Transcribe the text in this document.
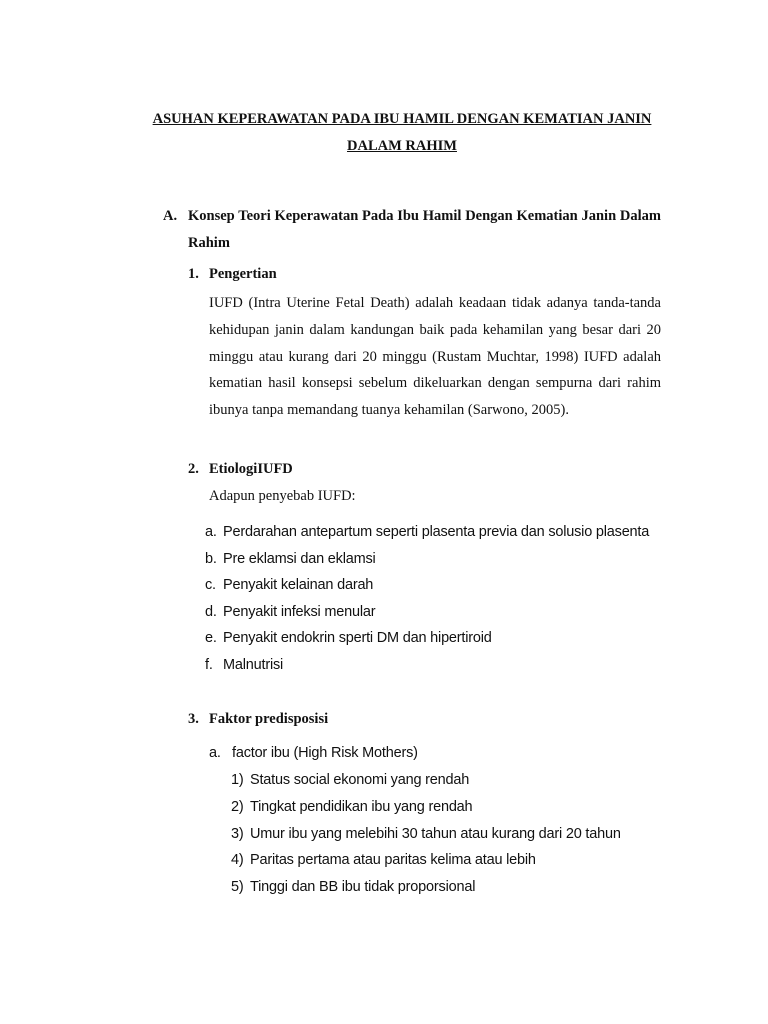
ASUHAN KEPERAWATAN PADA IBU HAMIL DENGAN KEMATIAN JANIN
DALAM RAHIM
A. Konsep Teori Keperawatan Pada Ibu Hamil Dengan Kematian Janin Dalam Rahim
1. Pengertian
IUFD (Intra Uterine Fetal Death) adalah keadaan tidak adanya tanda-tanda kehidupan janin dalam kandungan baik pada kehamilan yang besar dari 20 minggu atau kurang dari 20 minggu (Rustam Muchtar, 1998) IUFD adalah kematian hasil konsepsi sebelum dikeluarkan dengan sempurna dari rahim ibunya tanpa memandang tuanya kehamilan (Sarwono, 2005).
2. EtiologiIUFD
Adapun penyebab IUFD:
a. Perdarahan antepartum seperti plasenta previa dan solusio plasenta
b. Pre eklamsi dan eklamsi
c. Penyakit kelainan darah
d. Penyakit infeksi menular
e. Penyakit endokrin sperti DM dan hipertiroid
f. Malnutrisi
3. Faktor predisposisi
a. factor ibu (High Risk Mothers)
1) Status social ekonomi yang rendah
2) Tingkat pendidikan ibu yang rendah
3) Umur ibu yang melebihi 30 tahun atau kurang dari 20 tahun
4) Paritas pertama atau paritas kelima atau lebih
5) Tinggi dan BB ibu tidak proporsional
